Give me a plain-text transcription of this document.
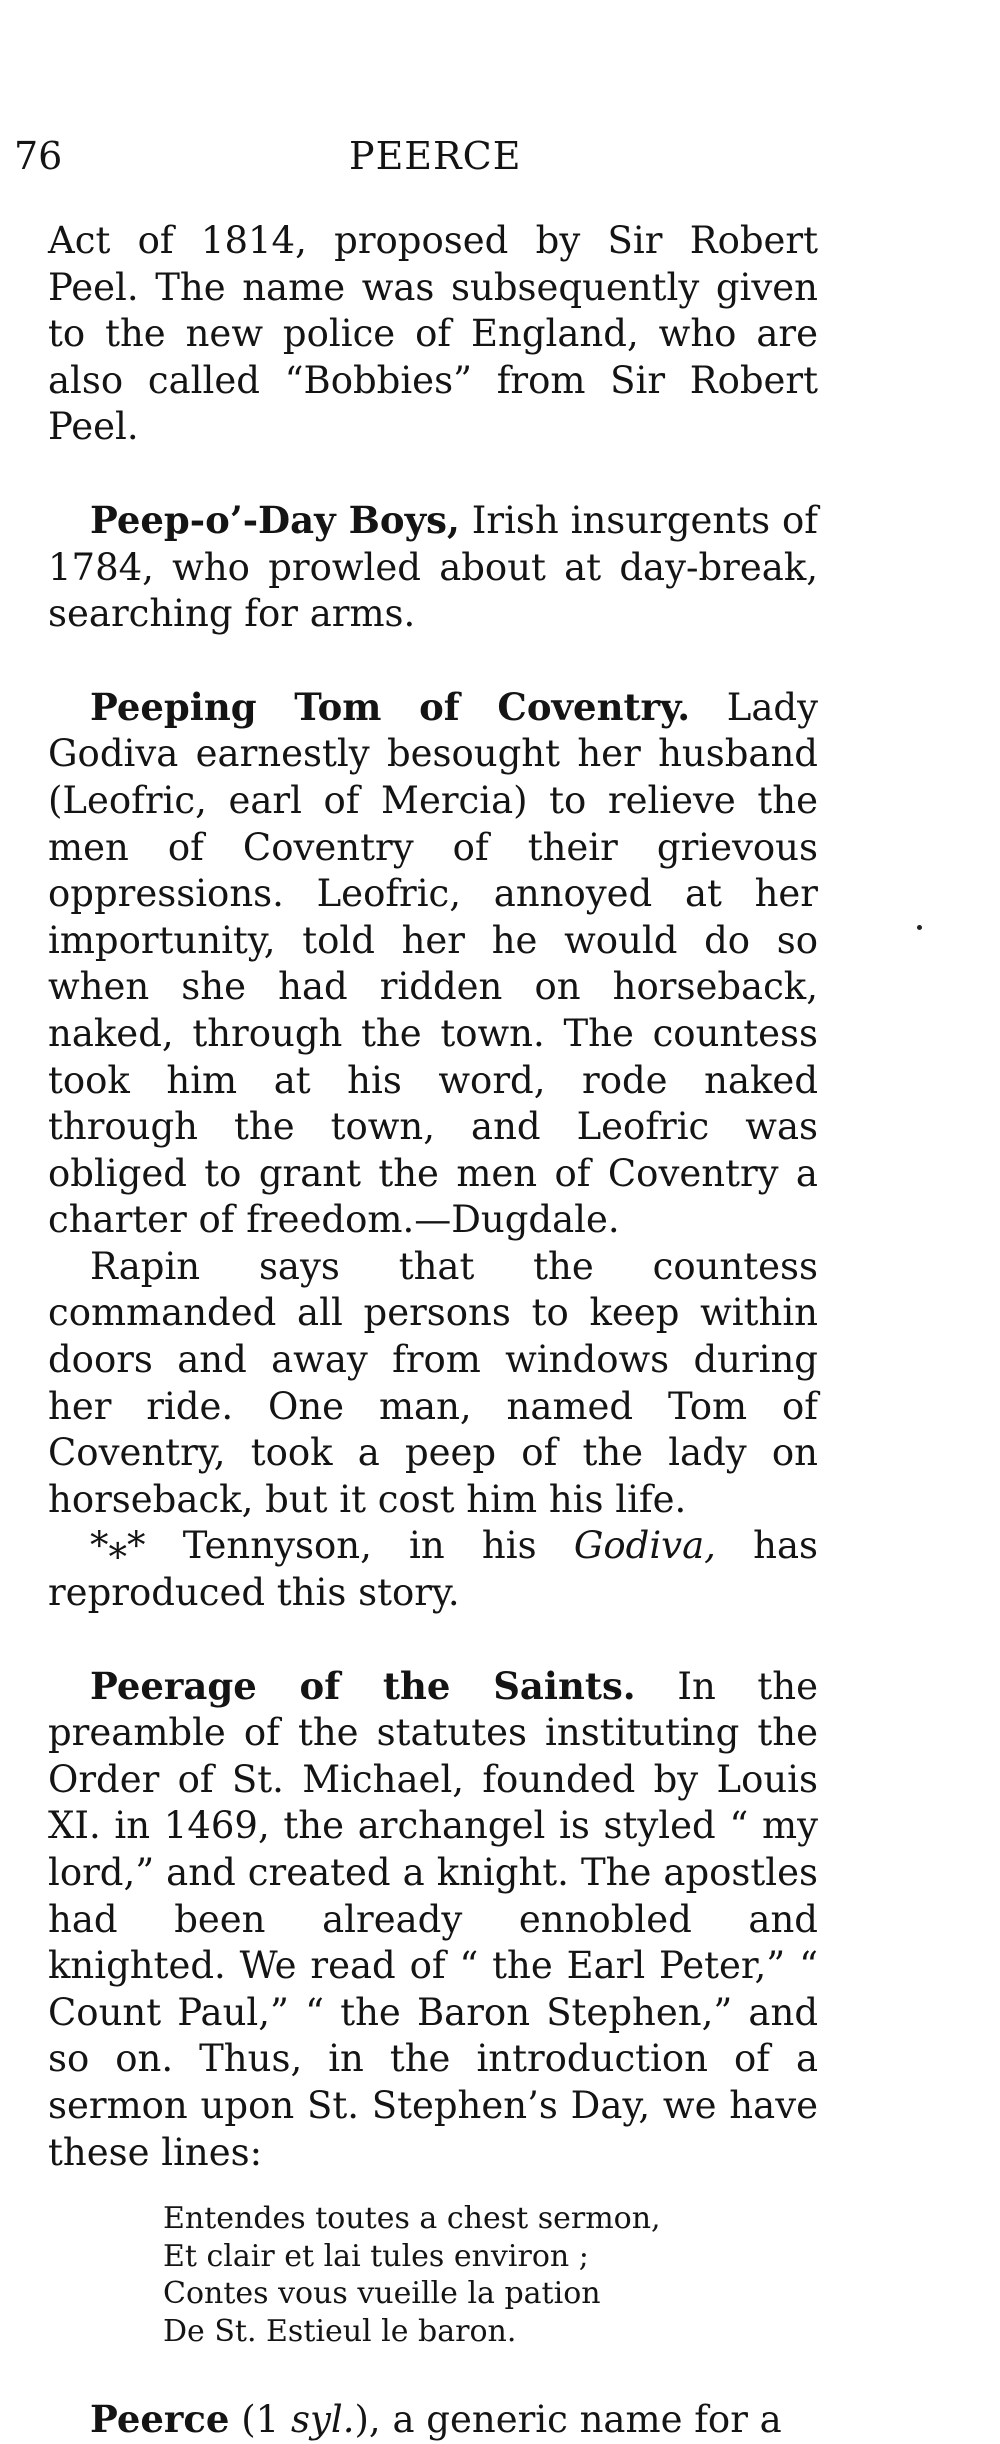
76	PEERCE

Act of 1814, proposed by Sir Robert Peel. The name was subsequently given to the new police of England, who are also called “Bobbies” from Sir Robert Peel.

Peep-o’-Day Boys, Irish insurgents of 1784, who prowled about at day-break, searching for arms.

Peeping Tom of Coventry. Lady Godiva earnestly besought her husband (Leofric, earl of Mercia) to relieve the men of Coventry of their grievous oppressions. Leofric, annoyed at her importunity, told her he would do so when she had ridden on horseback, naked, through the town. The countess took him at his word, rode naked through the town, and Leofric was obliged to grant the men of Coventry a charter of freedom.—Dugdale.

Rapin says that the countess commanded all persons to keep within doors and away from windows during her ride. One man, named Tom of Coventry, took a peep of the lady on horseback, but it cost him his life.

*⁎* Tennyson, in his Godiva, has reproduced this story.

Peerage of the Saints. In the preamble of the statutes instituting the Order of St. Michael, founded by Louis XI. in 1469, the archangel is styled “ my lord,” and created a knight. The apostles had been already ennobled and knighted. We read of “ the Earl Peter,” “ Count Paul,” “ the Baron Stephen,” and so on. Thus, in the introduction of a sermon upon St. Stephen’s Day, we have these lines:

Entendes toutes a chest sermon,
Et clair et lai tules environ ;
Contes vous vueille la pation
De St. Estieul le baron.

Peerce (1 syl.), a generic name for a
